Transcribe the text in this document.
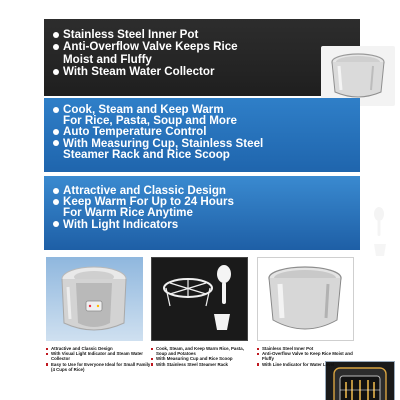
Stainless Steel Inner Pot
Anti-Overflow Valve Keeps Rice
Moist and Fluffy
With Steam Water Collector
Cook, Steam and Keep Warm
For Rice, Pasta, Soup and More
Auto Temperature Control
With Measuring Cup, Stainless Steel
Steamer Rack and Rice Scoop
Attractive and Classic Design
Keep Warm For Up to 24 Hours
For Warm Rice Anytime
With Light Indicators
Attractive and Classic Design
With Visual Light Indicator and Steam Water Collector
Easy to Use for Everyone Ideal for Small Family (4 Cups of Rice)
Cook, Steam, and Keep Warm Rice, Pasta, Soup and Potatoes
With Measuring Cup and Rice Scoop
With Stainless Steel Steamer Rack
Stainless Steel Inner Pot
Anti-Overflow Valve to Keep Rice Moist and Fluffy
With Line Indicator for Water Level
